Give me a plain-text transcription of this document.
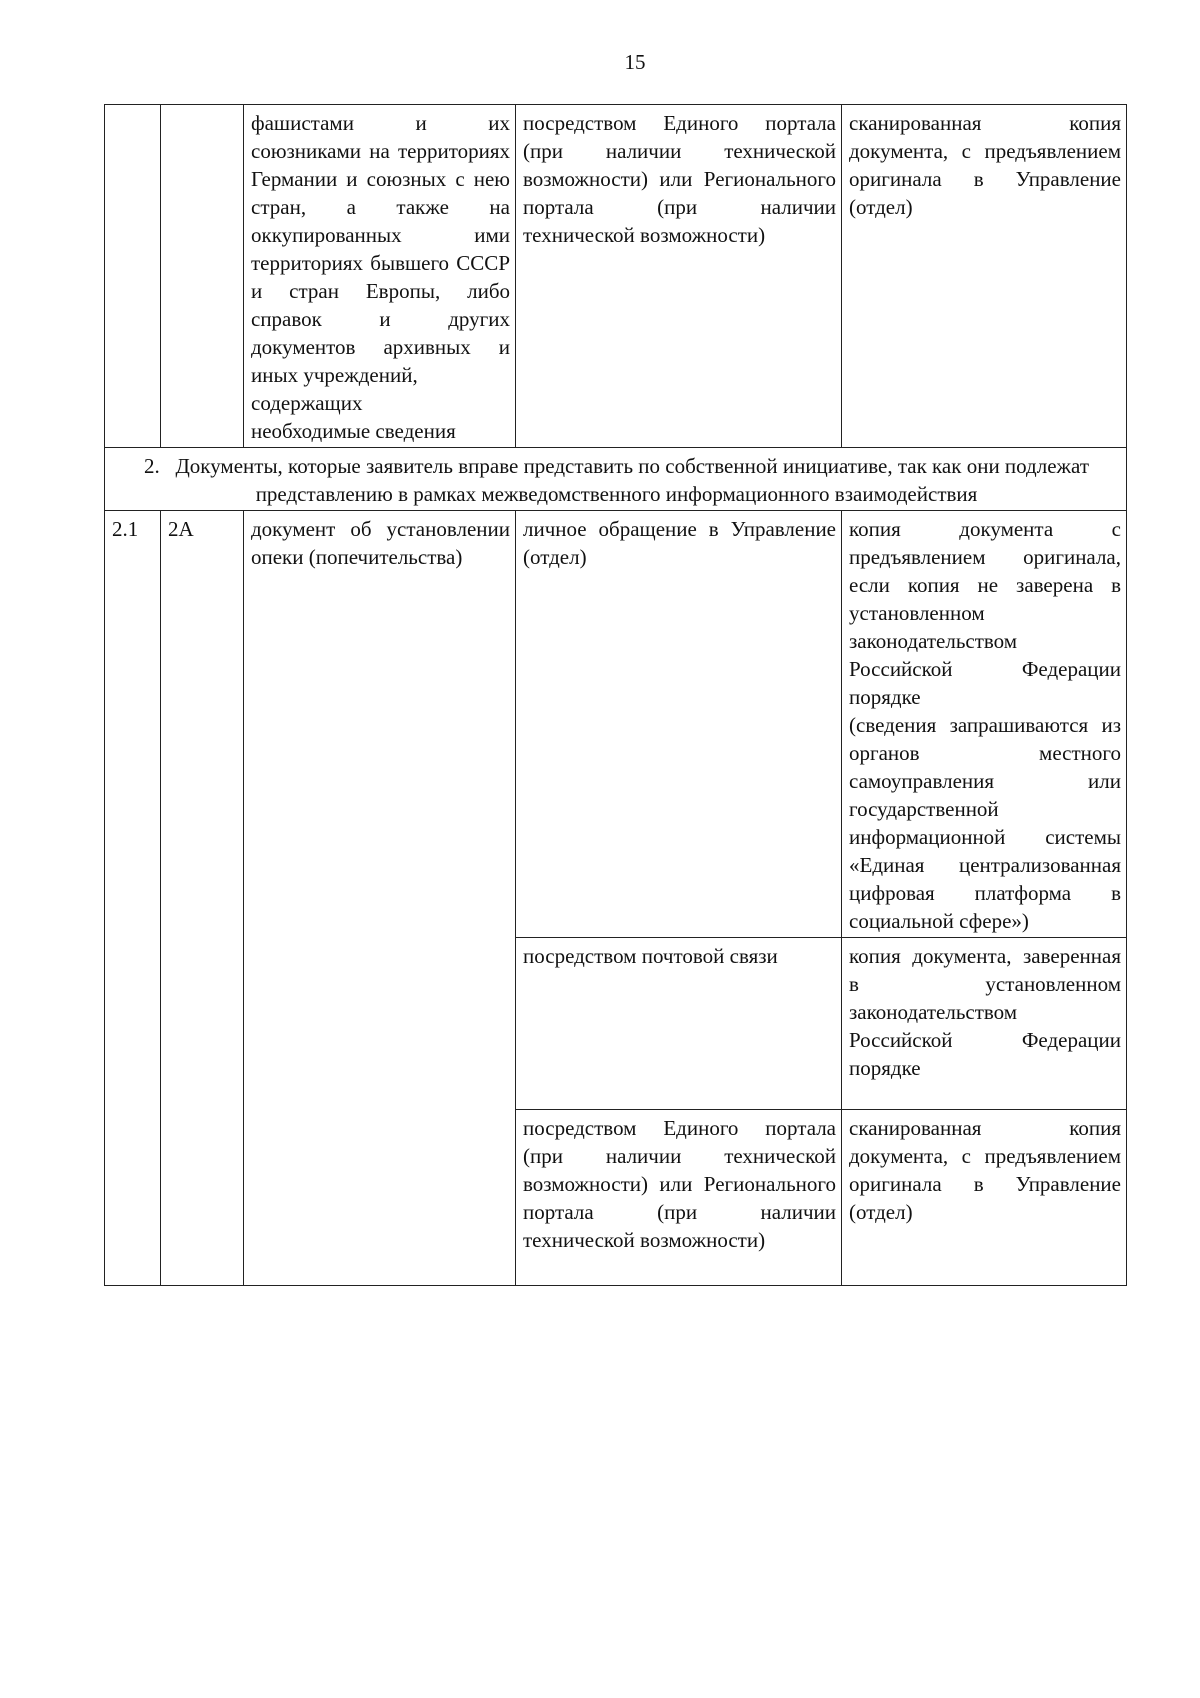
15

		фашистами и их союзниками на территориях Германии и союзных с нею стран, а также на оккупированных ими территориях бывшего СССР и стран Европы, либо справок и других документов архивных и иных учреждений,
содержащих
необходимые сведения	посредством Единого портала (при наличии технической возможности) или Регионального портала (при наличии технической возможности)	сканированная копия документа, с предъявлением оригинала в Управление (отдел)
2. Документы, которые заявитель вправе представить по собственной инициативе, так как они подлежат представлению в рамках межведомственного информационного взаимодействия				
2.1	2А	документ об установлении опеки (попечительства)	личное обращение в Управление (отдел)	копия документа с предъявлением оригинала, если копия не заверена в установленном законодательством Российской Федерации порядке
(сведения запрашиваются из органов местного самоуправления или государственной информационной системы «Единая централизованная цифровая платформа в социальной сфере»)

			посредством почтовой связи	копия документа, заверенная в установленном законодательством Российской Федерации порядке

			посредством Единого портала (при наличии технической возможности) или Регионального портала (при наличии технической возможности)	сканированная копия документа, с предъявлением оригинала в Управление (отдел)
